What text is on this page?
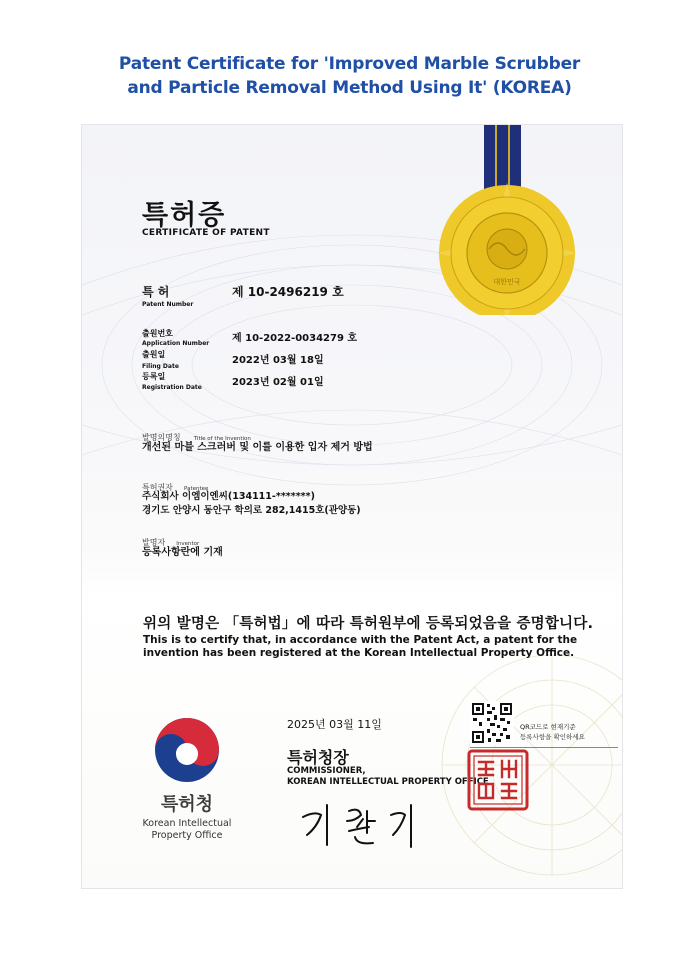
Patent Certificate for 'Improved Marble Scrubber
and Particle Removal Method Using It' (KOREA)
대한민국
특허증
CERTIFICATE OF PATENT
특 허
Patent Number
제 10-2496219 호
출원번호
Application Number 제 10-2022-0034279 호
출원일
Filing Date
2022년 03월 18일
등록일
Registration Date	2023년 02월 01일
발명의명칭 Title of the Invention
개선된 마블 스크러버 및 이를 이용한 입자 제거 방법
특허권자 Patentee
주식회사 이엠이엔씨(134111-*******)
경기도 안양시 동안구 학의로 282,1415호(관양동)
발명자 Inventor
등록사항란에 기재
위의 발명은 「특허법」에 따라 특허원부에 등록되었음을 증명합니다.
This is to certify that, in accordance with the Patent Act, a patent for the invention has been registered at the Korean Intellectual Property Office.
특허청
Korean Intellectual
Property Office
2025년 03월 11일	QR코드로 현재기준
등록사항을 확인하세요
특허청장
COMMISSIONER,
KOREAN INTELLECTUAL PROPERTY OFFICE
